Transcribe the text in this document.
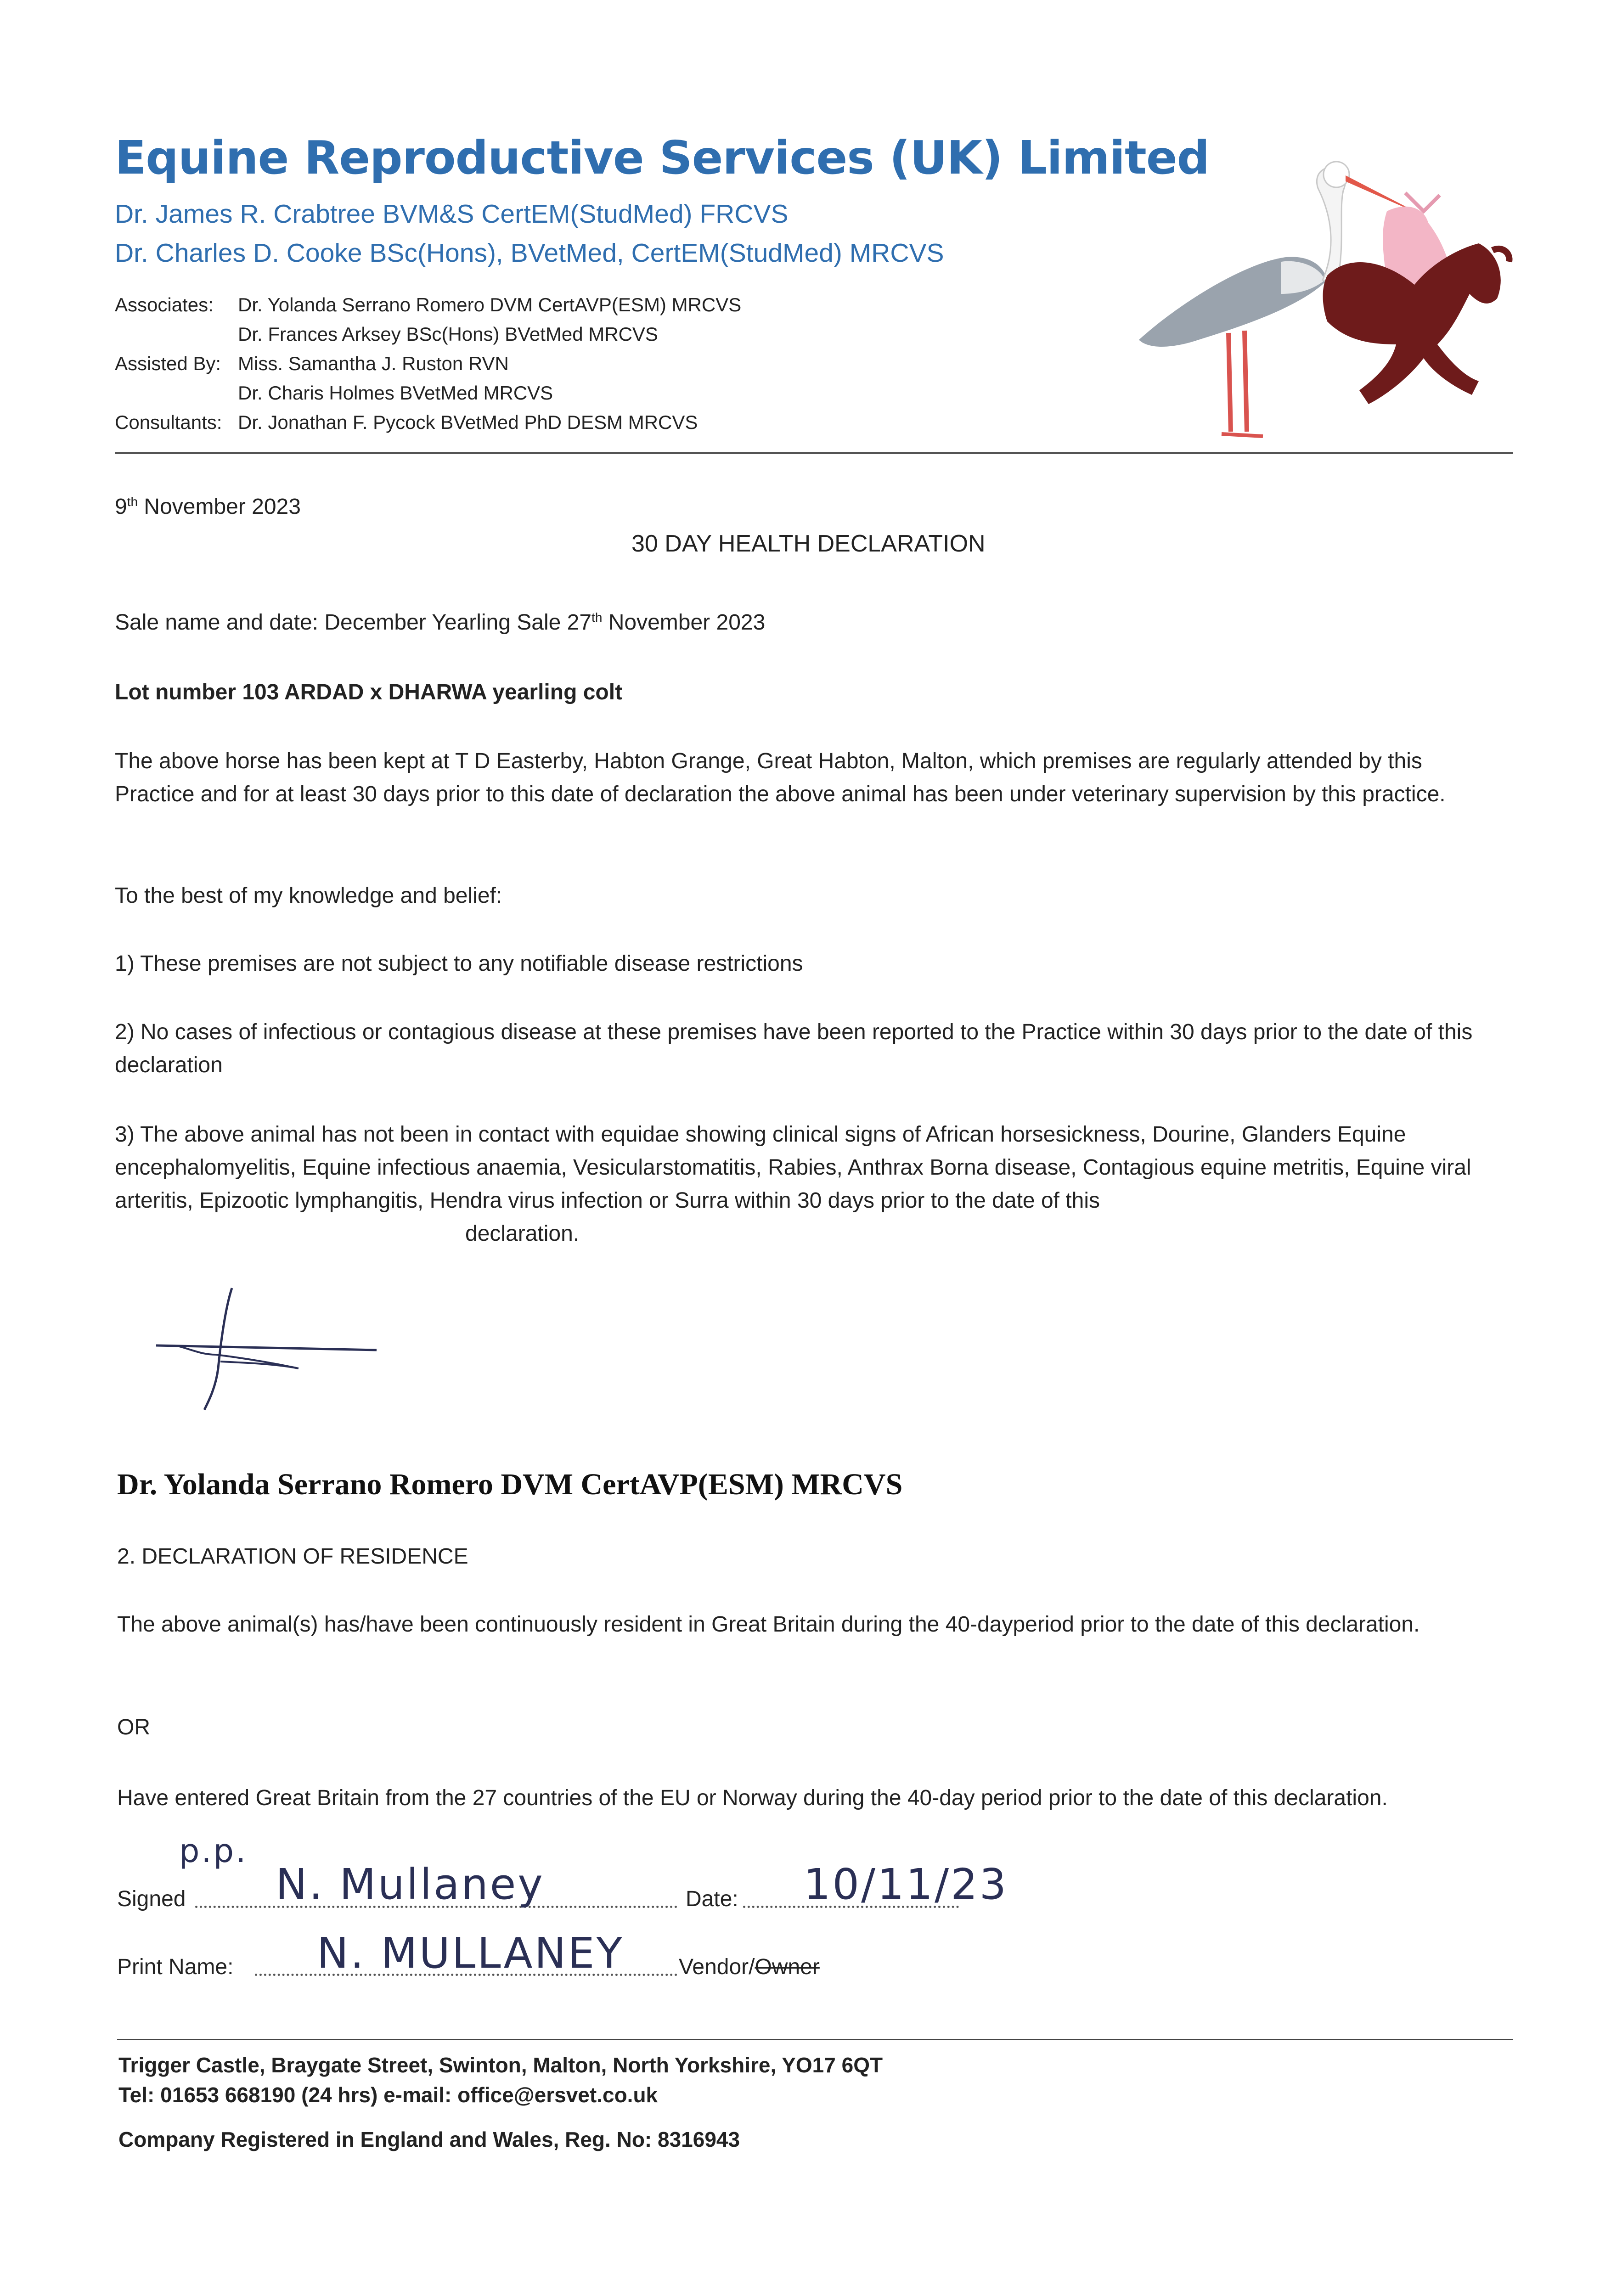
Equine Reproductive Services (UK) Limited
Dr. James R. Crabtree BVM&S CertEM(StudMed) FRCVS
Dr. Charles D. Cooke BSc(Hons), BVetMed, CertEM(StudMed) MRCVS
Associates:	Dr. Yolanda Serrano Romero DVM CertAVP(ESM) MRCVS
Dr. Frances Arksey BSc(Hons) BVetMed MRCVS
Assisted By: Miss. Samantha J. Ruston RVN
Dr. Charis Holmes BVetMed MRCVS
Consultants: Dr. Jonathan F. Pycock BVetMed PhD DESM MRCVS
9th November 2023
30 DAY HEALTH DECLARATION
Sale name and date: December Yearling Sale 27th November 2023
Lot number 103 ARDAD x DHARWA yearling colt
The above horse has been kept at T D Easterby, Habton Grange, Great Habton, Malton, which premises are regularly attended by this Practice and for at least 30 days prior to this date of declaration the above animal has been under veterinary supervision by this practice.
To the best of my knowledge and belief:
1) These premises are not subject to any notifiable disease restrictions
2) No cases of infectious or contagious disease at these premises have been reported to the Practice within 30 days prior to the date of this declaration
3) The above animal has not been in contact with equidae showing clinical signs of African horsesickness, Dourine, Glanders Equine encephalomyelitis, Equine infectious anaemia, Vesicularstomatitis, Rabies, Anthrax Borna disease, Contagious equine metritis, Equine viral arteritis, Epizootic lymphangitis, Hendra virus infection or Surra within 30 days prior to the date of this
declaration.
Dr. Yolanda Serrano Romero DVM CertAVP(ESM) MRCVS
2. DECLARATION OF RESIDENCE
The above animal(s) has/have been continuously resident in Great Britain during the 40-dayperiod prior to the date of this declaration.
OR
Have entered Great Britain from the 27 countries of the EU or Norway during the 40-day period prior to the date of this declaration.
p.p.
Signed N. Mullaney	Date: 10/11/23
Print Name: N. MULLANEY Vendor/Owner
Trigger Castle, Braygate Street, Swinton, Malton, North Yorkshire, YO17 6QT
Tel: 01653 668190 (24 hrs) e-mail: office@ersvet.co.uk
Company Registered in England and Wales, Reg. No: 8316943
